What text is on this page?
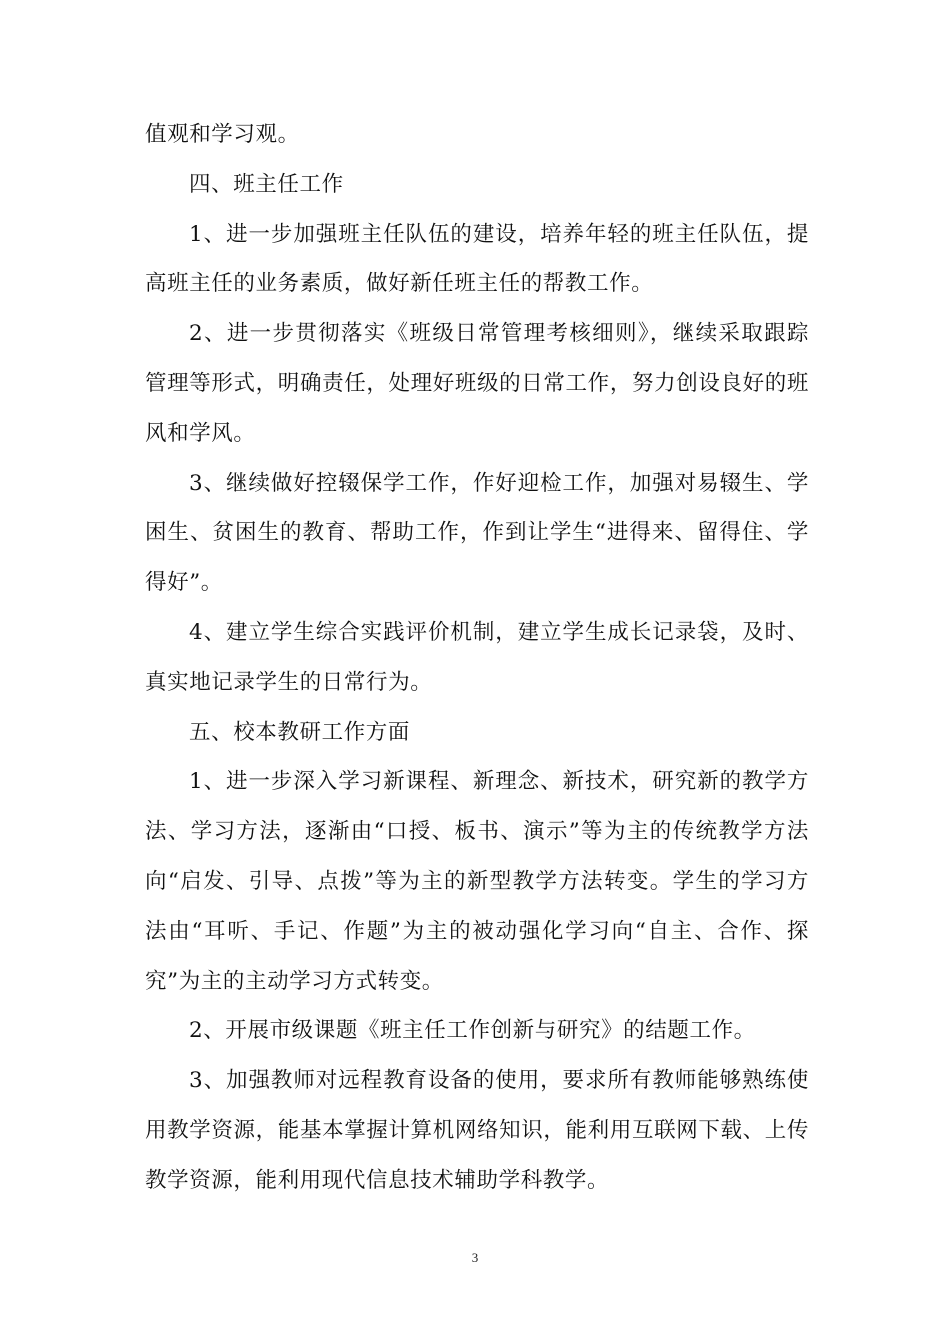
值观和学习观。

四、班主任工作

1、进一步加强班主任队伍的建设，培养年轻的班主任队伍，提高班主任的业务素质，做好新任班主任的帮教工作。

2、进一步贯彻落实《班级日常管理考核细则》，继续采取跟踪管理等形式，明确责任，处理好班级的日常工作，努力创设良好的班风和学风。

3、继续做好控辍保学工作，作好迎检工作，加强对易辍生、学困生、贫困生的教育、帮助工作，作到让学生“进得来、留得住、学得好”。

4、建立学生综合实践评价机制，建立学生成长记录袋，及时、真实地记录学生的日常行为。

五、校本教研工作方面

1、进一步深入学习新课程、新理念、新技术，研究新的教学方法、学习方法，逐渐由“口授、板书、演示”等为主的传统教学方法向“启发、引导、点拨”等为主的新型教学方法转变。学生的学习方法由“耳听、手记、作题”为主的被动强化学习向“自主、合作、探究”为主的主动学习方式转变。

2、开展市级课题《班主任工作创新与研究》的结题工作。

3、加强教师对远程教育设备的使用，要求所有教师能够熟练使用教学资源，能基本掌握计算机网络知识，能利用互联网下载、上传教学资源，能利用现代信息技术辅助学科教学。

3
